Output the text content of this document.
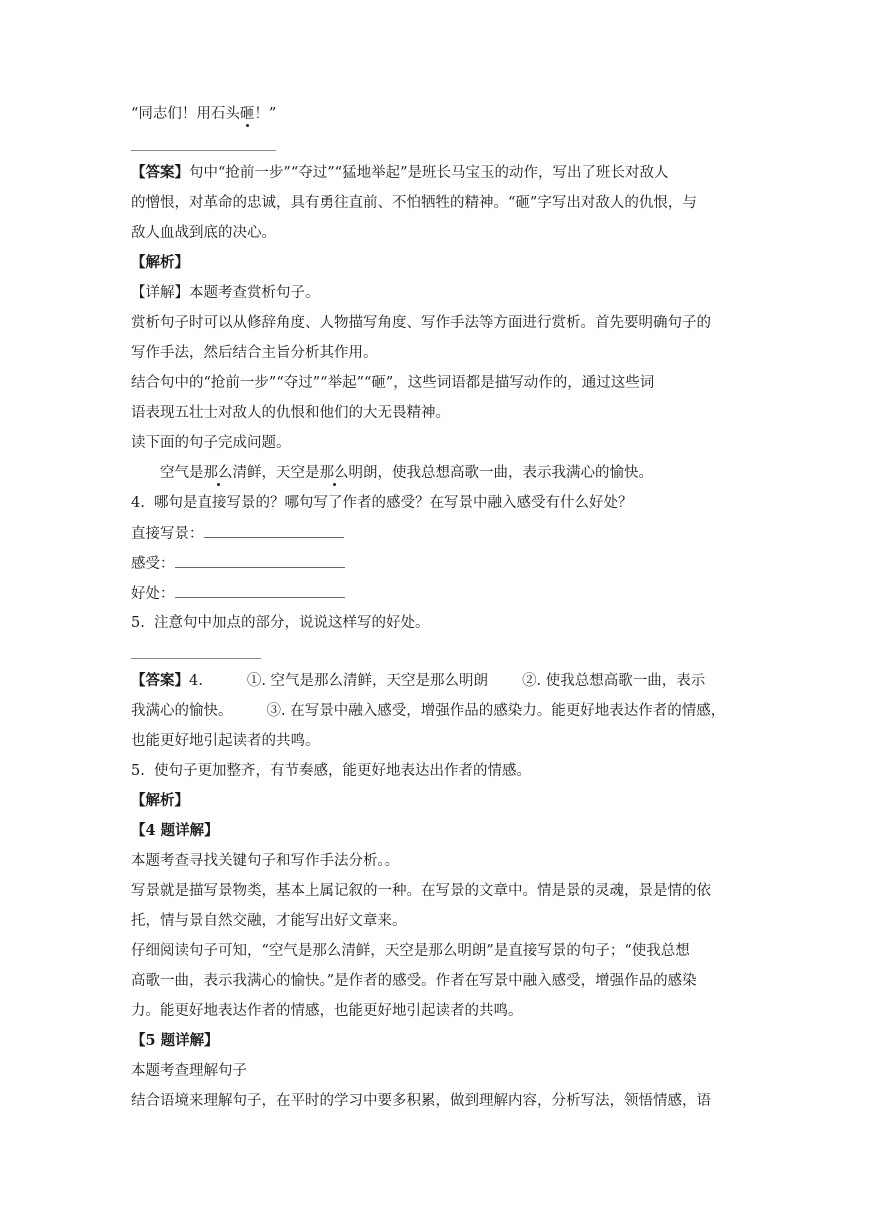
“同志们！用石头砸！”
【答案】句中“抢前一步”“夺过”“猛地举起”是班长马宝玉的动作，写出了班长对敌人
的憎恨，对革命的忠诚，具有勇往直前、不怕牺牲的精神。“砸”字写出对敌人的仇恨，与
敌人血战到底的决心。
【解析】
【详解】本题考查赏析句子。
赏析句子时可以从修辞角度、人物描写角度、写作手法等方面进行赏析。首先要明确句子的
写作手法，然后结合主旨分析其作用。
结合句中的“抢前一步”“夺过”“举起”“砸”，这些词语都是描写动作的，通过这些词
语表现五壮士对敌人的仇恨和他们的大无畏精神。
读下面的句子完成问题。
空气是那么清鲜，天空是那么明朗，使我总想高歌一曲，表示我满心的愉快。
4.  哪句是直接写景的？哪句写了作者的感受？在写景中融入感受有什么好处？
直接写景：
感受：
好处：
5.  注意句中加点的部分，说说这样写的好处。
【答案】4.	①. 空气是那么清鲜，天空是那么明朗 ②. 使我总想高歌一曲，表示
我满心的愉快。 ③. 在写景中融入感受，增强作品的感染力。能更好地表达作者的情感，
也能更好地引起读者的共鸣。
5.  使句子更加整齐，有节奏感，能更好地表达出作者的情感。
【解析】
【4 题详解】
本题考查寻找关键句子和写作手法分析。。
写景就是描写景物类，基本上属记叙的一种。在写景的文章中。情是景的灵魂，景是情的依
托，情与景自然交融，才能写出好文章来。
仔细阅读句子可知，“空气是那么清鲜，天空是那么明朗”是直接写景的句子；“使我总想
高歌一曲，表示我满心的愉快。”是作者的感受。作者在写景中融入感受，增强作品的感染
力。能更好地表达作者的情感，也能更好地引起读者的共鸣。
【5 题详解】
本题考查理解句子
结合语境来理解句子，在平时的学习中要多积累，做到理解内容，分析写法，领悟情感，语
